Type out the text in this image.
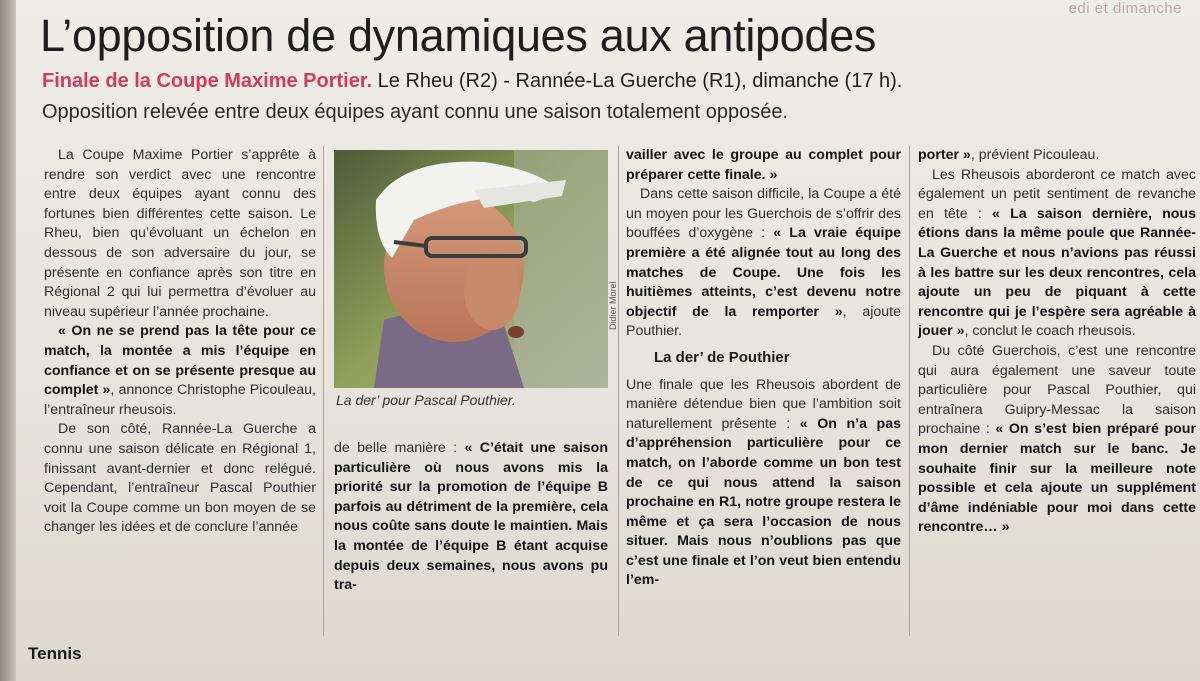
edi et dimanche
L’opposition de dynamiques aux antipodes

Finale de la Coupe Maxime Portier. Le Rheu (R2) - Rannée-La Guerche (R1), dimanche (17 h).

Opposition relevée entre deux équipes ayant connu une saison totalement opposée.

La Coupe Maxime Portier s’apprête à rendre son verdict avec une rencontre entre deux équipes ayant connu des fortunes bien différentes cette saison. Le Rheu, bien qu’évoluant un échelon en dessous de son adversaire du jour, se présente en confiance après son titre en Régional 2 qui lui permettra d’évoluer au niveau supérieur l’année prochaine.

« On ne se prend pas la tête pour ce match, la montée a mis l’équipe en confiance et on se présente presque au complet », annonce Christophe Picouleau, l’entraîneur rheusois.

De son côté, Rannée-La Guerche a connu une saison délicate en Régional 1, finissant avant-dernier et donc relégué. Cependant, l’entraîneur Pascal Pouthier voit la Coupe comme un bon moyen de se changer les idées et de conclure l’année

Didier Morel
La der’ pour Pascal Pouthier.

de belle manière : « C’était une saison particulière où nous avons mis la priorité sur la promotion de l’équipe B parfois au détriment de la première, cela nous coûte sans doute le maintien. Mais la montée de l’équipe B étant acquise depuis deux semaines, nous avons pu tra-

vailler avec le groupe au complet pour préparer cette finale. »

Dans cette saison difficile, la Coupe a été un moyen pour les Guerchois de s’offrir des bouffées d’oxygène : « La vraie équipe première a été alignée tout au long des matches de Coupe. Une fois les huitièmes atteints, c’est devenu notre objectif de la remporter », ajoute Pouthier.

La der’ de Pouthier

Une finale que les Rheusois abordent de manière détendue bien que l’ambition soit naturellement présente : « On n’a pas d’appréhension particulière pour ce match, on l’aborde comme un bon test de ce qui nous attend la saison prochaine en R1, notre groupe restera le même et ça sera l’occasion de nous situer. Mais nous n’oublions pas que c’est une finale et l’on veut bien entendu l’em-

porter », prévient Picouleau.

Les Rheusois aborderont ce match avec également un petit sentiment de revanche en tête : « La saison dernière, nous étions dans la même poule que Rannée-La Guerche et nous n’avions pas réussi à les battre sur les deux rencontres, cela ajoute un peu de piquant à cette rencontre qui je l’espère sera agréable à jouer », conclut le coach rheusois.

Du côté Guerchois, c’est une rencontre qui aura également une saveur toute particulière pour Pascal Pouthier, qui entraînera Guipry-Messac la saison prochaine : « On s’est bien préparé pour mon dernier match sur le banc. Je souhaite finir sur la meilleure note possible et cela ajoute un supplément d’âme indéniable pour moi dans cette rencontre… »

Tennis
